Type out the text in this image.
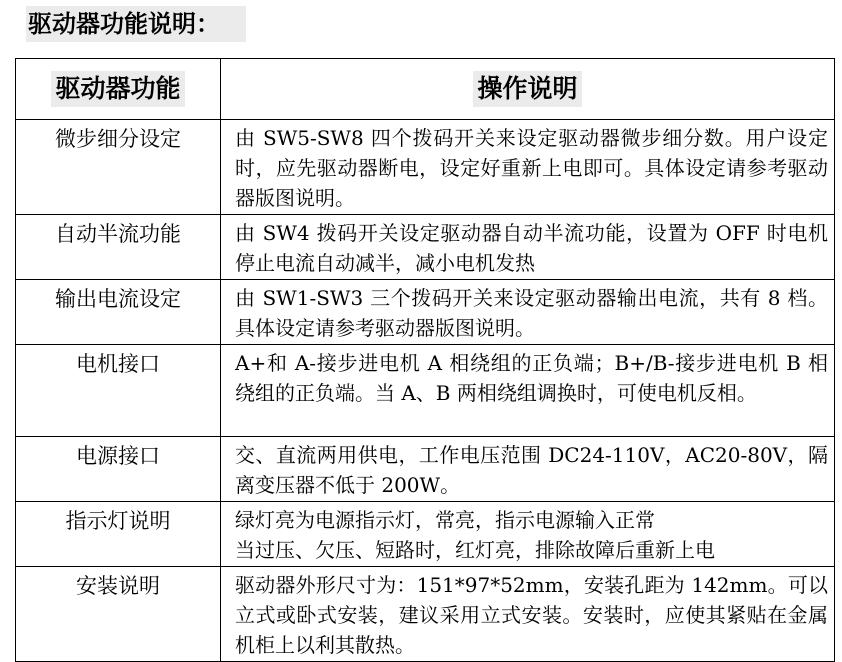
驱动器功能说明：
驱动器功能	操作说明
微步细分设定	由 SW5-SW8 四个拨码开关来设定驱动器微步细分数。用户设定时，应先驱动器断电，设定好重新上电即可。具体设定请参考驱动器版图说明。
自动半流功能	由 SW4 拨码开关设定驱动器自动半流功能，设置为 OFF 时电机停止电流自动减半，减小电机发热
输出电流设定	由 SW1-SW3 三个拨码开关来设定驱动器输出电流，共有 8 档。具体设定请参考驱动器版图说明。
电机接口	A+和 A-接步进电机 A 相绕组的正负端；B+/B-接步进电机 B 相绕组的正负端。当 A、B 两相绕组调换时，可使电机反相。
电源接口	交、直流两用供电，工作电压范围 DC24-110V，AC20-80V，隔离变压器不低于 200W。
指示灯说明	绿灯亮为电源指示灯，常亮，指示电源输入正常
当过压、欠压、短路时，红灯亮，排除故障后重新上电

安装说明	驱动器外形尺寸为：151*97*52mm，安装孔距为 142mm。可以立式或卧式安装，建议采用立式安装。安装时，应使其紧贴在金属机柜上以利其散热。
